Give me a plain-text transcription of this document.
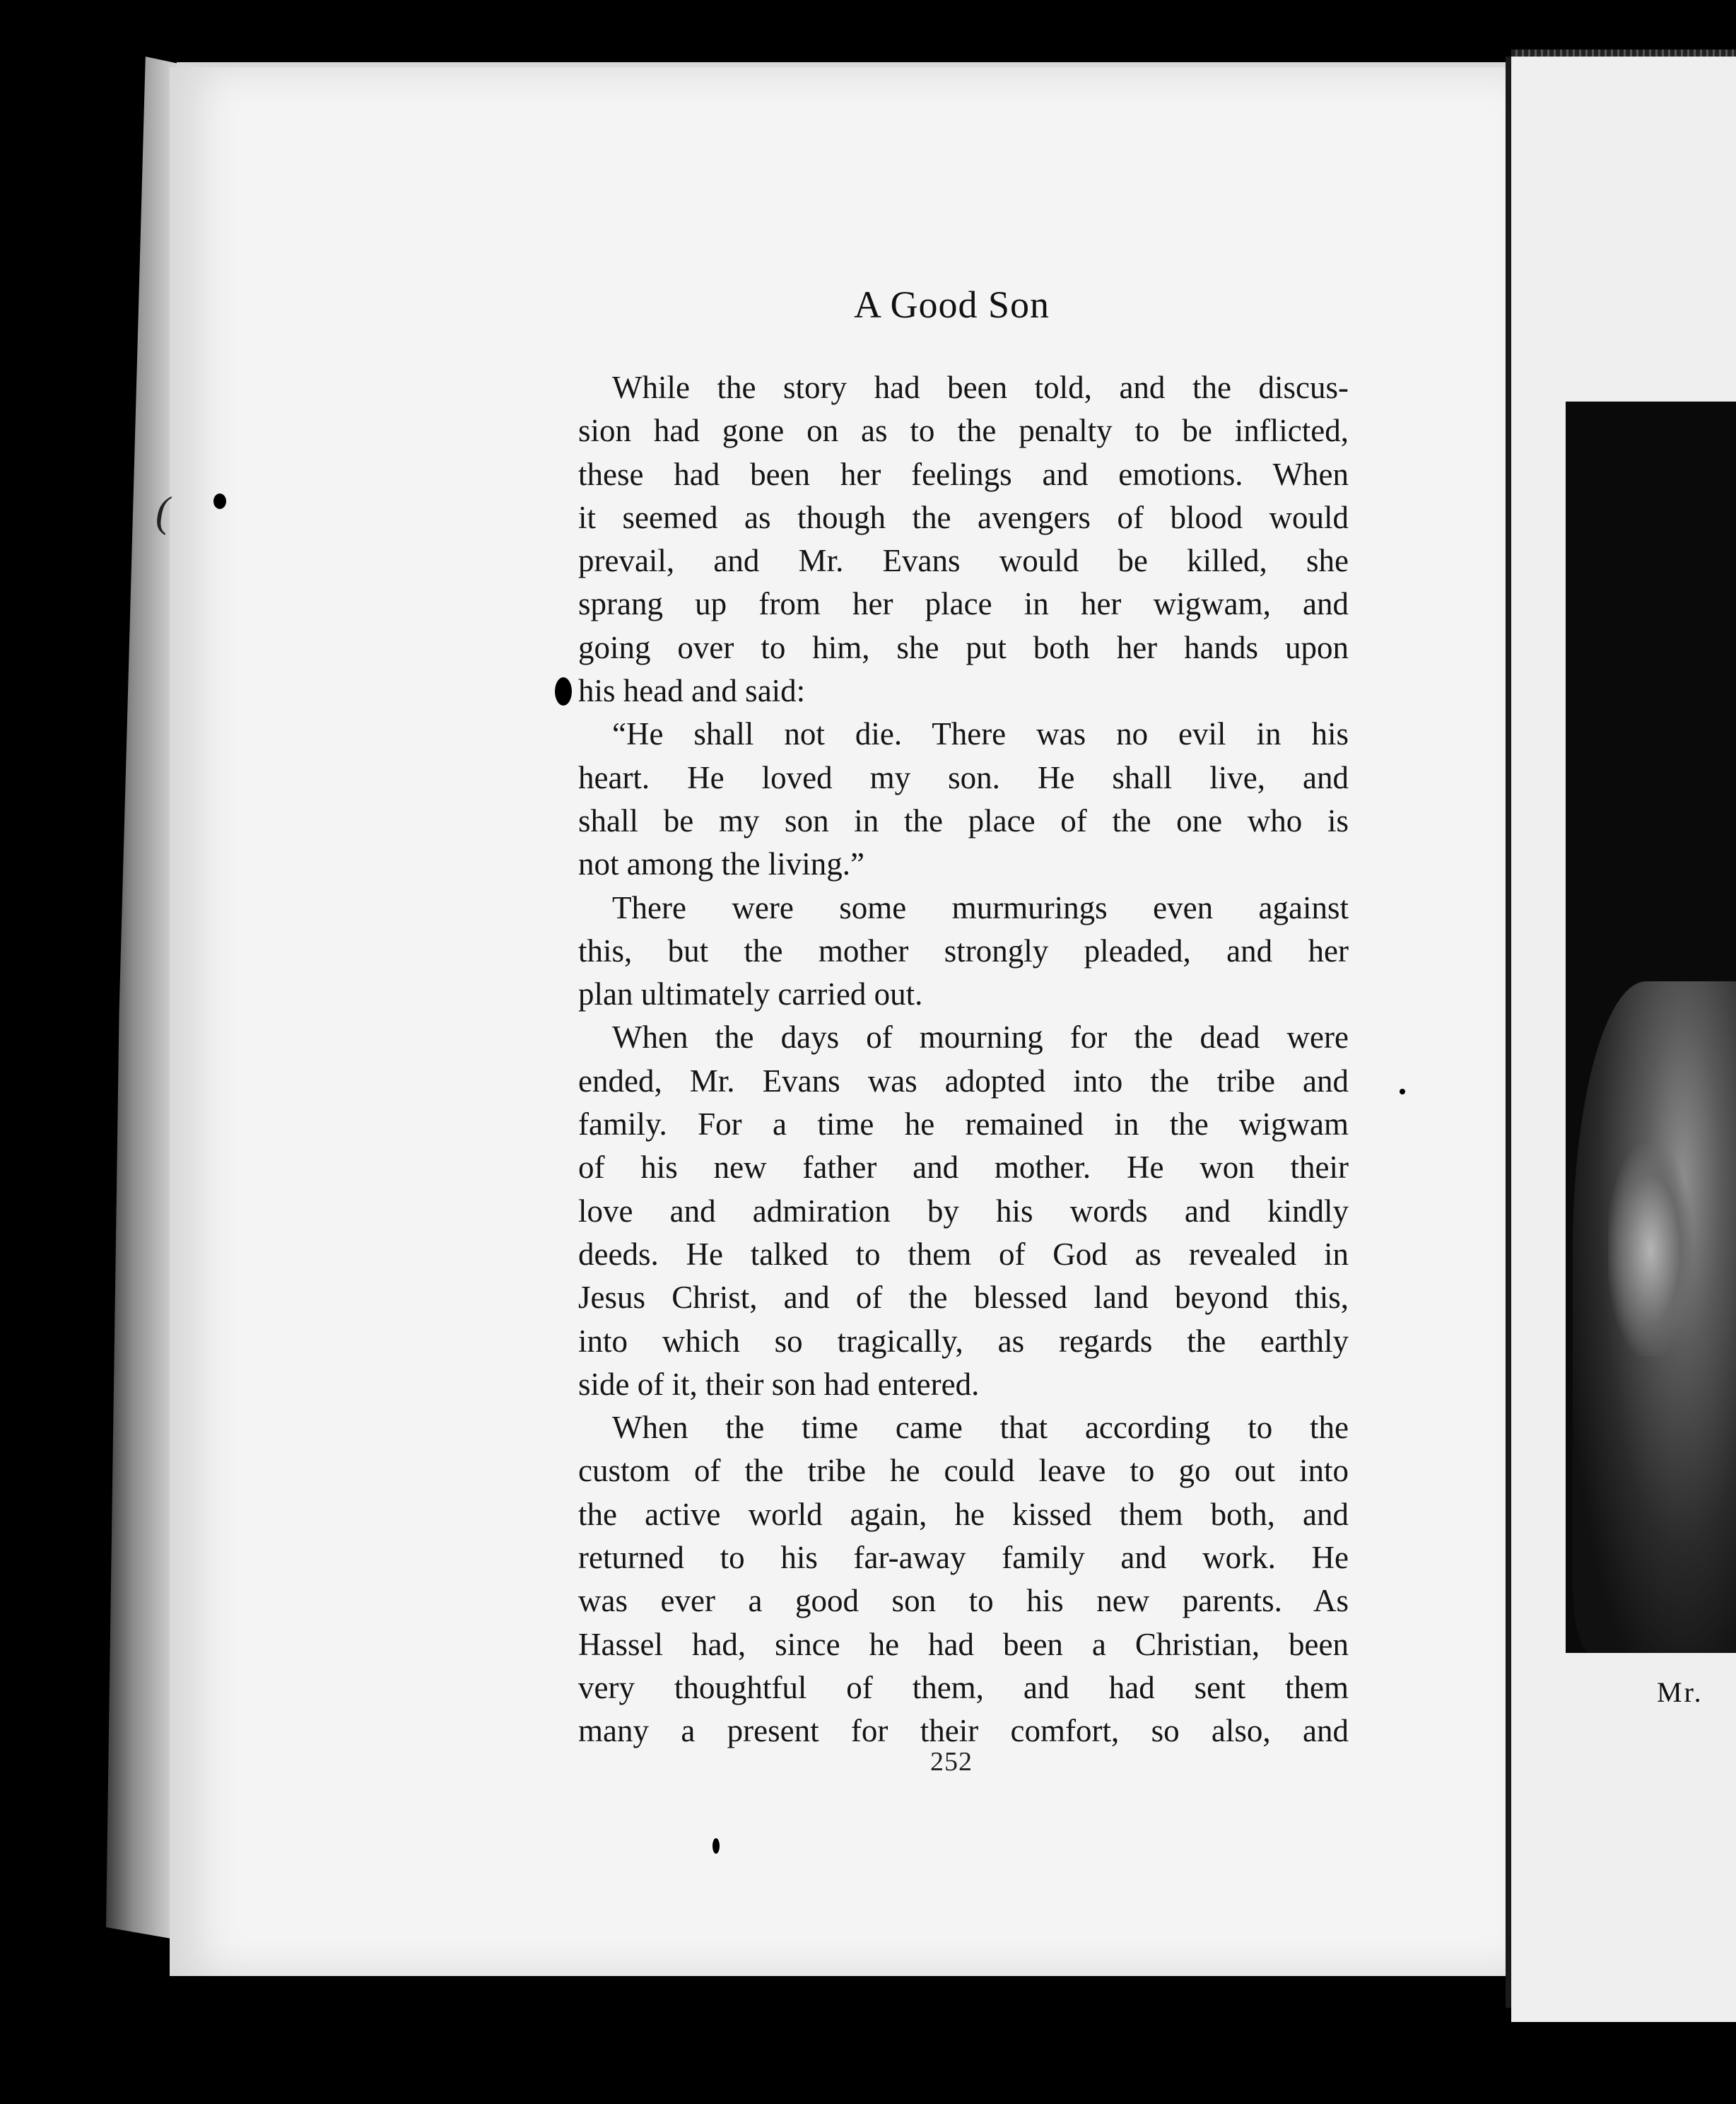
Mr.
(
A Good Son
While the story had been told, and the discus-
sion had gone on as to the penalty to be inflicted,
these had been her feelings and emotions. When
it seemed as though the avengers of blood would
prevail, and Mr. Evans would be killed, she
sprang up from her place in her wigwam, and
going over to him, she put both her hands upon
his head and said:
“He shall not die. There was no evil in his
heart. He loved my son. He shall live, and
shall be my son in the place of the one who is
not among the living.”
There were some murmurings even against
this, but the mother strongly pleaded, and her
plan ultimately carried out.
When the days of mourning for the dead were
ended, Mr. Evans was adopted into the tribe and
family. For a time he remained in the wigwam
of his new father and mother. He won their
love and admiration by his words and kindly
deeds. He talked to them of God as revealed in
Jesus Christ, and of the blessed land beyond this,
into which so tragically, as regards the earthly
side of it, their son had entered.
When the time came that according to the
custom of the tribe he could leave to go out into
the active world again, he kissed them both, and
returned to his far-away family and work. He
was ever a good son to his new parents. As
Hassel had, since he had been a Christian, been
very thoughtful of them, and had sent them
many a present for their comfort, so also, and
252
